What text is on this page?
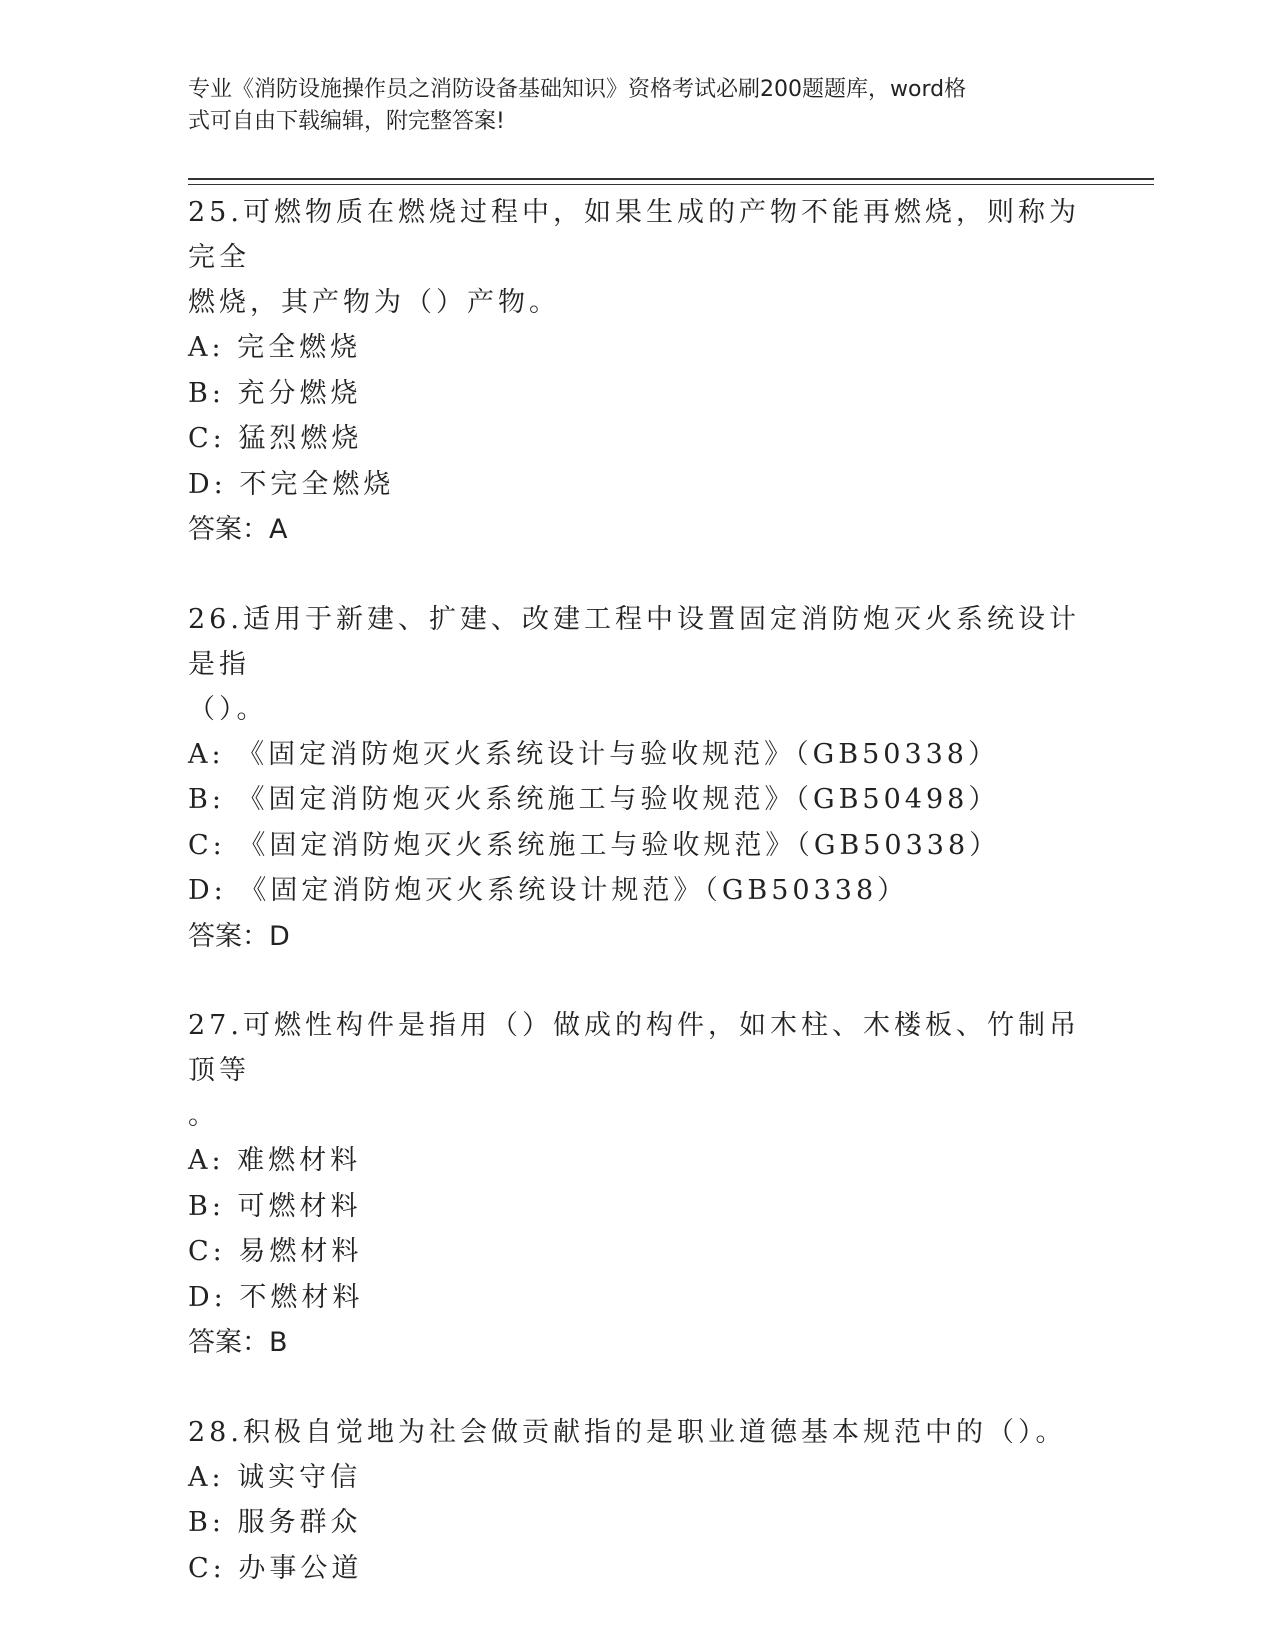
专业《消防设施操作员之消防设备基础知识》资格考试必刷200题题库，word格
式可自由下载编辑，附完整答案!
25.可燃物质在燃烧过程中，如果生成的产物不能再燃烧，则称为完全
燃烧，其产物为（）产物。
A: 完全燃烧
B: 充分燃烧
C: 猛烈燃烧
D: 不完全燃烧
答案：A
26.适用于新建、扩建、改建工程中设置固定消防炮灭火系统设计是指
（）。
A: 《固定消防炮灭火系统设计与验收规范》（GB50338）
B: 《固定消防炮灭火系统施工与验收规范》（GB50498）
C: 《固定消防炮灭火系统施工与验收规范》（GB50338）
D: 《固定消防炮灭火系统设计规范》（GB50338）
答案：D
27.可燃性构件是指用（）做成的构件，如木柱、木楼板、竹制吊顶等
。
A: 难燃材料
B: 可燃材料
C: 易燃材料
D: 不燃材料
答案：B
28.积极自觉地为社会做贡献指的是职业道德基本规范中的（）。
A: 诚实守信
B: 服务群众
C: 办事公道
